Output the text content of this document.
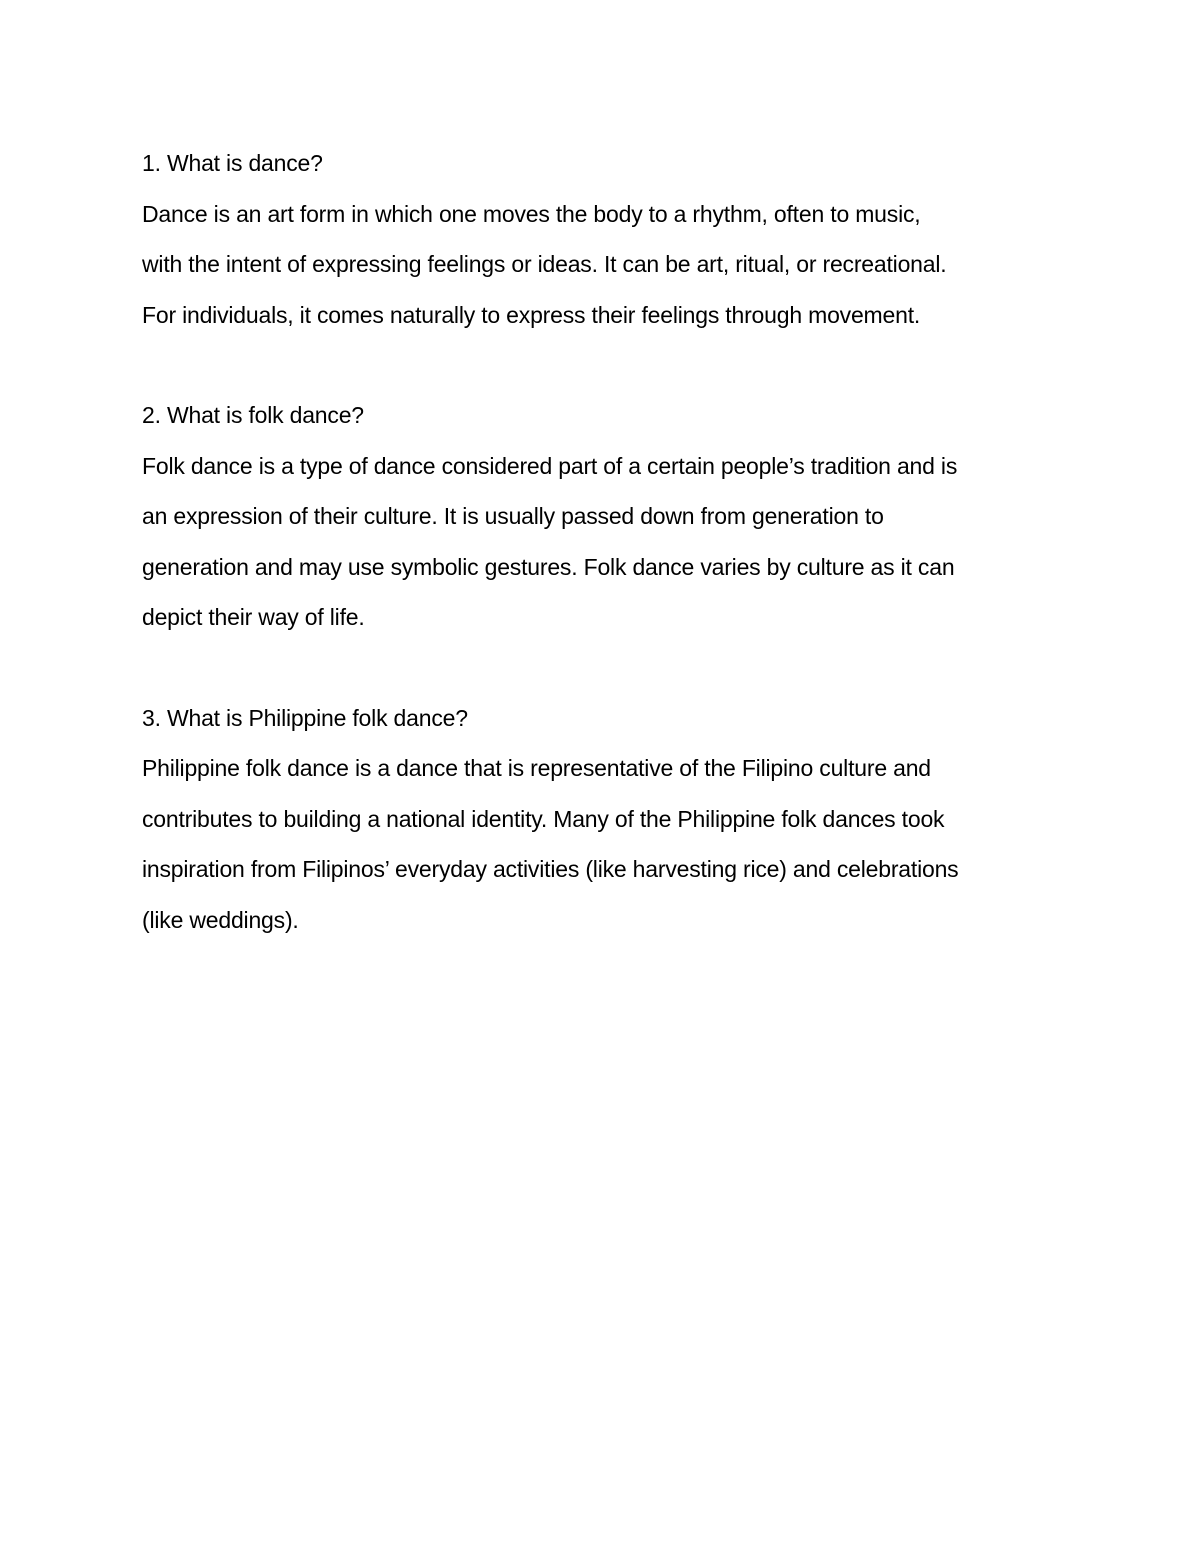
1. What is dance?
Dance is an art form in which one moves the body to a rhythm, often to music,
with the intent of expressing feelings or ideas. It can be art, ritual, or recreational.
For individuals, it comes naturally to express their feelings through movement.
2. What is folk dance?
Folk dance is a type of dance considered part of a certain people’s tradition and is
an expression of their culture. It is usually passed down from generation to
generation and may use symbolic gestures. Folk dance varies by culture as it can
depict their way of life.
3. What is Philippine folk dance?
Philippine folk dance is a dance that is representative of the Filipino culture and
contributes to building a national identity. Many of the Philippine folk dances took
inspiration from Filipinos’ everyday activities (like harvesting rice) and celebrations
(like weddings).
